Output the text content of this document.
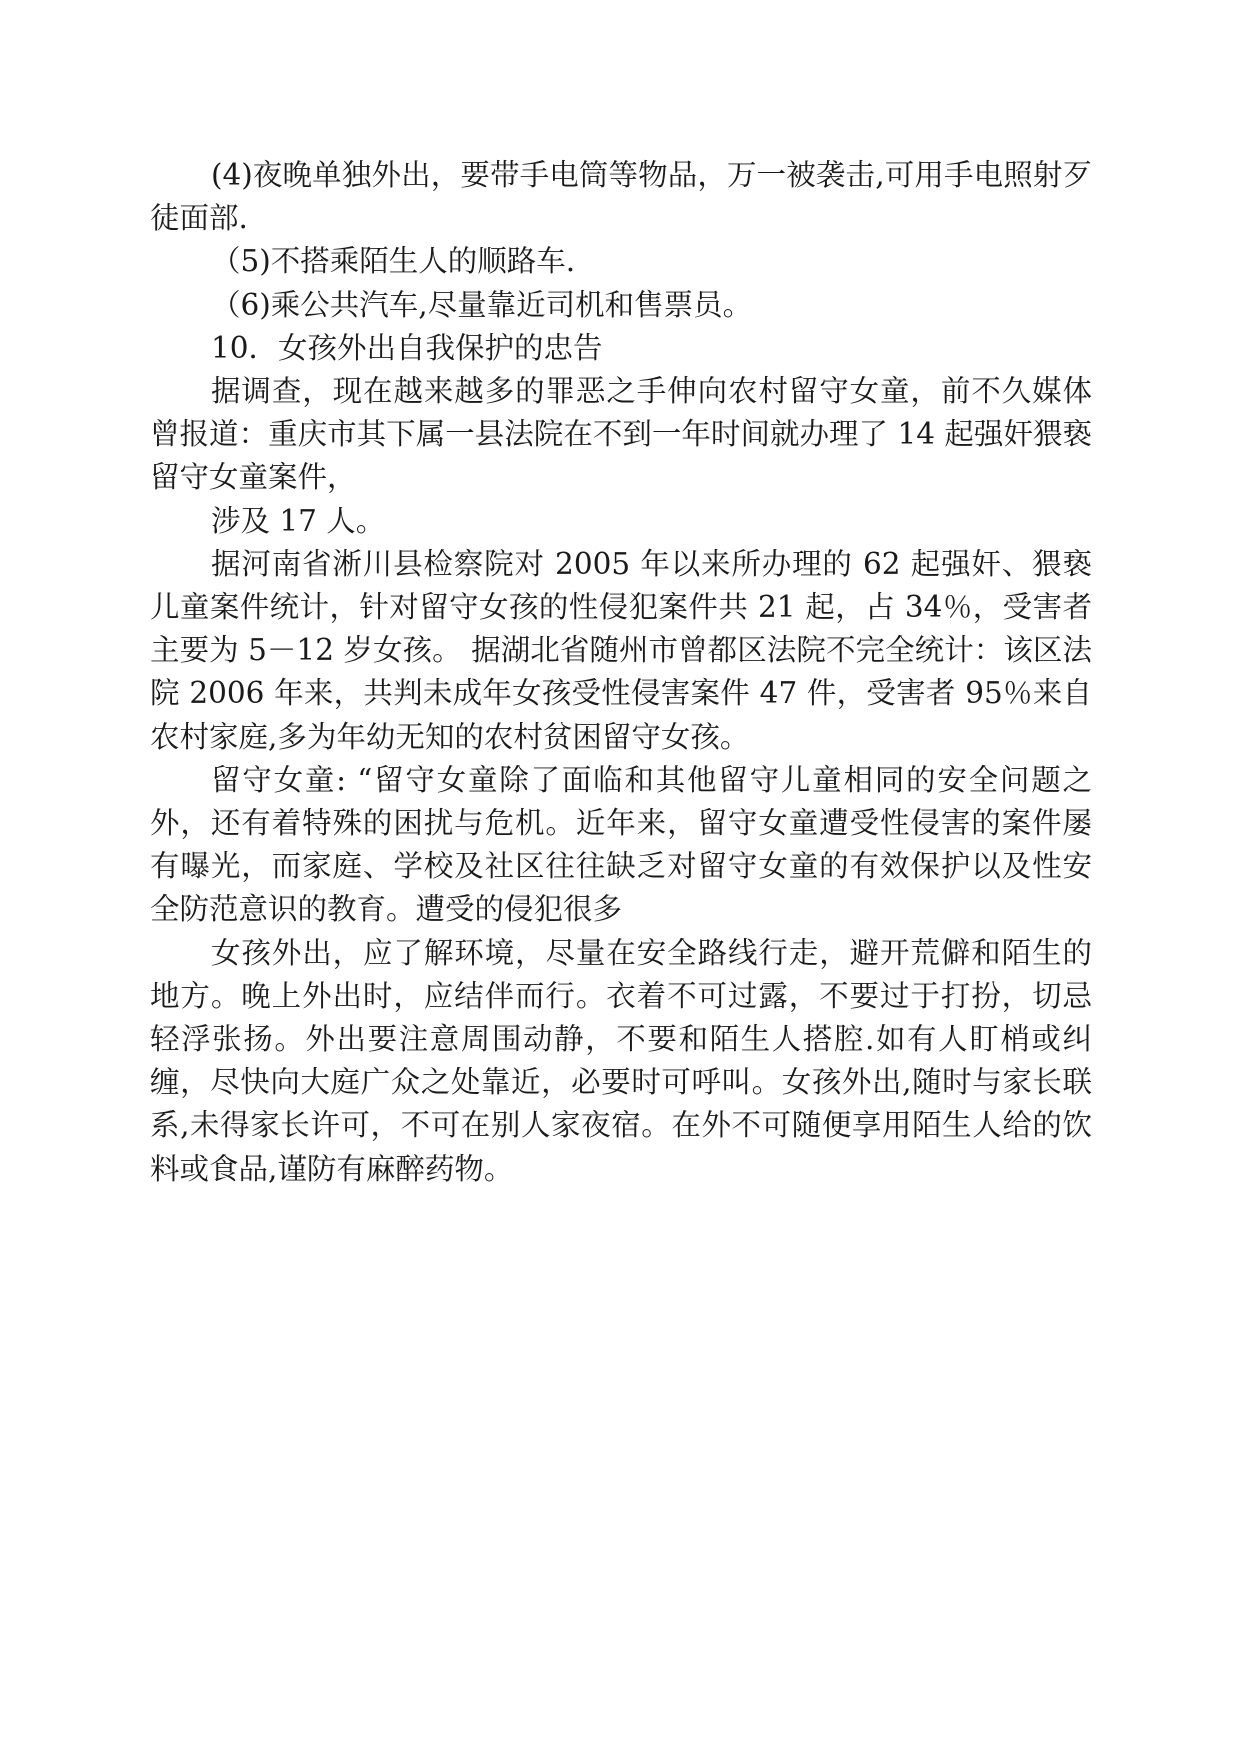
(4)夜晚单独外出，要带手电筒等物品，万一被袭击,可用手电照射歹徒面部.

（5)不搭乘陌生人的顺路车.

（6)乘公共汽车,尽量靠近司机和售票员。

10．女孩外出自我保护的忠告

据调查，现在越来越多的罪恶之手伸向农村留守女童，前不久媒体曾报道：重庆市其下属一县法院在不到一年时间就办理了 14 起强奸猥亵留守女童案件，

涉及 17 人。

据河南省淅川县检察院对 2005 年以来所办理的 62 起强奸、猥亵儿童案件统计，针对留守女孩的性侵犯案件共 21 起，占 34％，受害者主要为 5－12 岁女孩。 据湖北省随州市曾都区法院不完全统计：该区法院 2006 年来，共判未成年女孩受性侵害案件 47 件，受害者 95％来自农村家庭,多为年幼无知的农村贫困留守女孩。

留守女童: “留守女童除了面临和其他留守儿童相同的安全问题之外，还有着特殊的困扰与危机。近年来，留守女童遭受性侵害的案件屡有曝光，而家庭、学校及社区往往缺乏对留守女童的有效保护以及性安全防范意识的教育。遭受的侵犯很多

女孩外出，应了解环境，尽量在安全路线行走，避开荒僻和陌生的地方。晚上外出时，应结伴而行。衣着不可过露，不要过于打扮，切忌轻浮张扬。外出要注意周围动静，不要和陌生人搭腔.如有人盯梢或纠缠，尽快向大庭广众之处靠近，必要时可呼叫。女孩外出,随时与家长联系,未得家长许可，不可在别人家夜宿。在外不可随便享用陌生人给的饮料或食品,谨防有麻醉药物。
